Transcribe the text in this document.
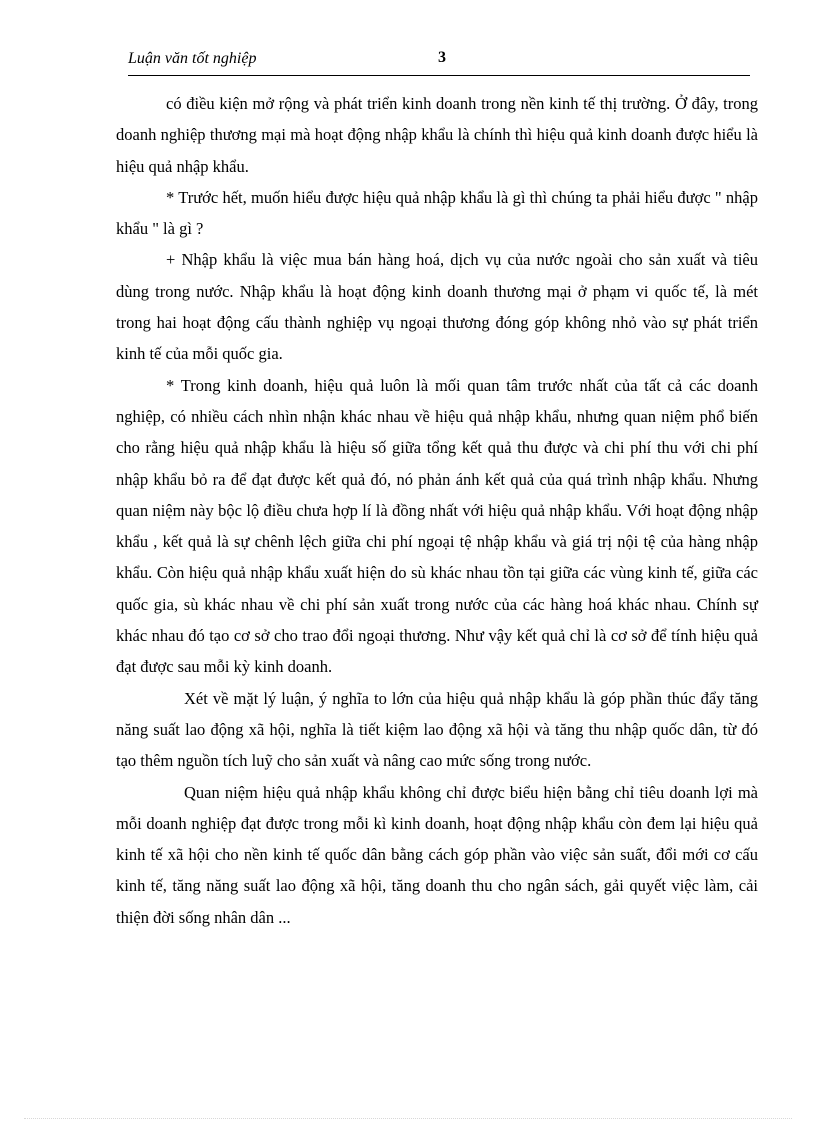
Luận văn tốt nghiệp	3

có điều kiện mở rộng và phát triển kinh doanh trong nền kinh tế thị trường. Ở đây, trong doanh nghiệp thương mại mà hoạt động nhập khẩu là chính thì hiệu quả kinh doanh được hiểu là hiệu quả nhập khẩu.

* Trước hết, muốn hiểu được hiệu quả nhập khẩu là gì thì chúng ta phải hiểu được " nhập khẩu " là gì ?

+ Nhập khẩu là việc mua bán hàng hoá, dịch vụ của nước ngoài cho sản xuất và tiêu dùng trong nước. Nhập khẩu là hoạt động kinh doanh thương mại ở phạm vi quốc tế, là mét trong hai hoạt động cấu thành nghiệp vụ ngoại thương đóng góp không nhỏ vào sự phát triển kinh tế của mỗi quốc gia.

* Trong kinh doanh, hiệu quả luôn là mối quan tâm trước nhất của tất cả các doanh nghiệp, có nhiều cách nhìn nhận khác nhau về hiệu quả nhập khẩu, nhưng quan niệm phổ biến cho rằng hiệu quả nhập khẩu là hiệu số giữa tổng kết quả thu được và chi phí thu với chi phí nhập khẩu bỏ ra để đạt được kết quả đó, nó phản ánh kết quả của quá trình nhập khẩu. Nhưng quan niệm này bộc lộ điều chưa hợp lí là đồng nhất với hiệu quả nhập khẩu. Với hoạt động nhập khẩu , kết quả là sự chênh lệch giữa chi phí ngoại tệ nhập khẩu và giá trị nội tệ của hàng nhập khẩu. Còn hiệu quả nhập khẩu xuất hiện do sù khác nhau tồn tại giữa các vùng kinh tế, giữa các quốc gia, sù khác nhau về chi phí sản xuất trong nước của các hàng hoá khác nhau. Chính sự khác nhau đó tạo cơ sở cho trao đổi ngoại thương. Như vậy kết quả chỉ là cơ sở để tính hiệu quả đạt được sau mỗi kỳ kinh doanh.

Xét về mặt lý luận, ý nghĩa to lớn của hiệu quả nhập khẩu là góp phần thúc đẩy tăng năng suất lao động xã hội, nghĩa là tiết kiệm lao động xã hội và tăng thu nhập quốc dân, từ đó tạo thêm nguồn tích luỹ cho sản xuất và nâng cao mức sống trong nước.

Quan niệm hiệu quả nhập khẩu không chỉ được biểu hiện bằng chỉ tiêu doanh lợi mà mỗi doanh nghiệp đạt được trong mỗi kì kinh doanh, hoạt động nhập khẩu còn đem lại hiệu quả kinh tế xã hội cho nền kinh tế quốc dân bằng cách góp phần vào việc sản suất, đổi mới cơ cấu kinh tế, tăng năng suất lao động xã hội, tăng doanh thu cho ngân sách, gải quyết việc làm, cải thiện đời sống nhân dân ...
